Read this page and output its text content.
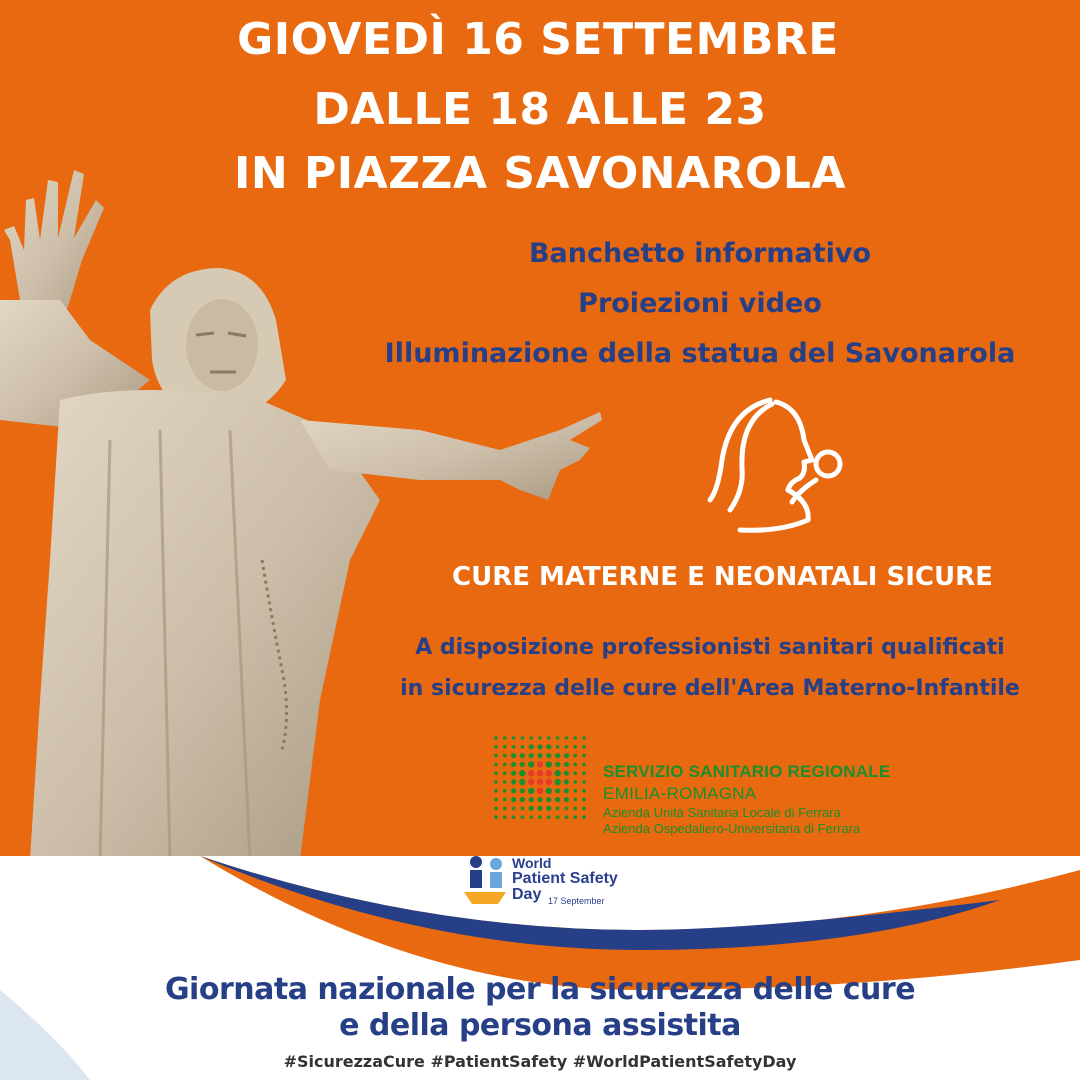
GIOVEDÌ 16 SETTEMBRE
DALLE 18 ALLE 23
IN PIAZZA SAVONAROLA
Banchetto informativo
Proiezioni video
Illuminazione della statua del Savonarola
CURE MATERNE E NEONATALI SICURE
A disposizione professionisti sanitari qualificati
in sicurezza delle cure dell'Area Materno-Infantile
SERVIZIO SANITARIO REGIONALE
EMILIA-ROMAGNA
Azienda Unità Sanitaria Locale di Ferrara
Azienda Ospedaliero-Universitaria di Ferrara
World
Patient Safety
Day 17 September
Giornata nazionale per la sicurezza delle cure
e della persona assistita
#SicurezzaCure #PatientSafety #WorldPatientSafetyDay
